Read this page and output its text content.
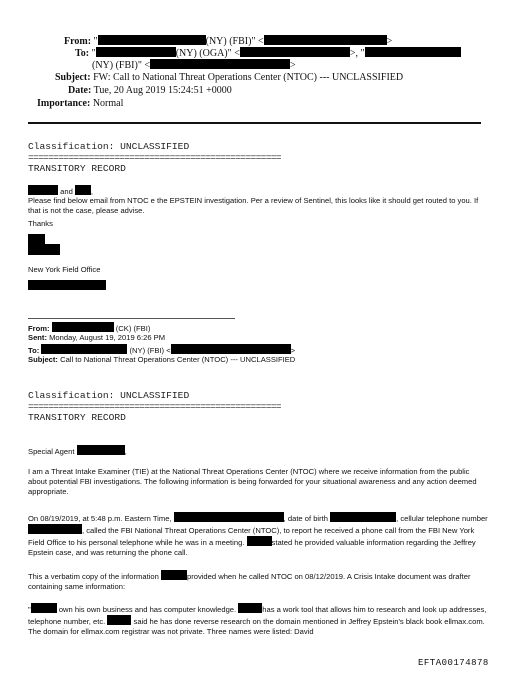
From: "	(NY) (FBI)" <	>
To: "	(NY) (OGA)" <	>, "
(NY) (FBI)" <	>
Subject: FW: Call to National Threat Operations Center (NTOC) --- UNCLASSIFIED
Date: Tue, 20 Aug 2019 15:24:51 +0000
Importance: Normal
Classification: UNCLASSIFIED
==================================================
TRANSITORY RECORD
and ,
Please find below email from NTOC e the EPSTEIN investigation. Per a review of Sentinel, this looks like it should get routed to you. If that is not the case, please advise.
Thanks
New York Field Office
From:	(CK) (FBI)
Sent: Monday, August 19, 2019 6:26 PM
To:	(NY) (FBI) <	>
Subject: Call to National Threat Operations Center (NTOC) --- UNCLASSIFIED
Classification: UNCLASSIFIED
==================================================
TRANSITORY RECORD
Special Agent	,
I am a Threat Intake Examiner (TIE) at the National Threat Operations Center (NTOC) where we receive information from the public about potential FBI investigations. The following information is being forwarded for your situational awareness and any action deemed appropriate.
On 08/19/2019, at 5:48 p.m. Eastern Time,	, date of birth	, cellular telephone number , called the FBI National Threat Operations Center (NTOC), to report he received a phone call from the FBI New York Field Office to his personal telephone while he was in a meeting.	stated he provided valuable information regarding the Jeffrey Epstein case, and was returning the phone call.
This a verbatim copy of the information	provided when he called NTOC on 08/12/2019. A Crisis Intake document was drafter containing same information:
"	own his own business and has computer knowledge.	has a work tool that allows him to research and look up addresses, telephone number, etc.	said he has done reverse research on the domain mentioned in Jeffrey Epstein's black book ellmax.com. The domain for ellmax.com registrar was not private. Three names were listed: David
EFTA00174878
